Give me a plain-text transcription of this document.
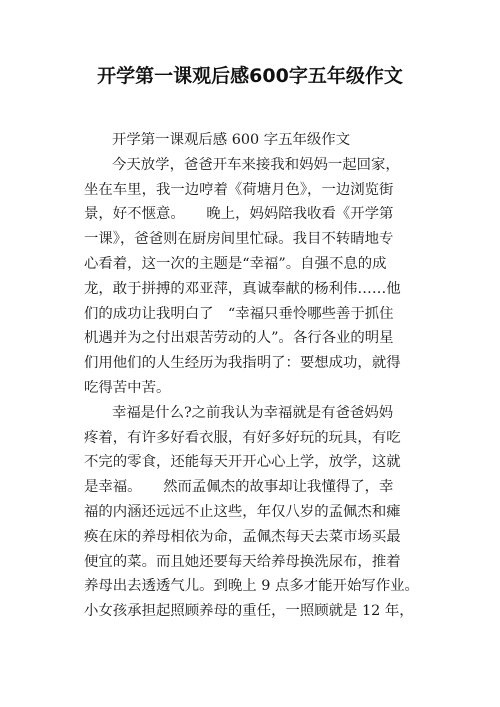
开学第一课观后感600字五年级作文
开学第一课观后感 600 字五年级作文
今天放学，爸爸开车来接我和妈妈一起回家，
坐在车里，我一边哼着《荷塘月色》，一边浏览街
景，好不惬意。　　晚上，妈妈陪我收看《开学第
一课》，爸爸则在厨房间里忙碌。我目不转睛地专
心看着，这一次的主题是“幸福”。自强不息的成
龙，敢于拼搏的邓亚萍，真诚奉献的杨利伟……他
们的成功让我明白了　“幸福只垂怜哪些善于抓住
机遇并为之付出艰苦劳动的人”。各行各业的明星
们用他们的人生经历为我指明了：要想成功，就得
吃得苦中苦。
幸福是什么?之前我认为幸福就是有爸爸妈妈
疼着，有许多好看衣服，有好多好玩的玩具，有吃
不完的零食，还能每天开开心心上学，放学，这就
是幸福。　　然而孟佩杰的故事却让我懂得了，幸
福的内涵还远远不止这些，年仅八岁的孟佩杰和瘫
痪在床的养母相依为命，孟佩杰每天去菜市场买最
便宜的菜。而且她还要每天给养母换洗尿布，推着
养母出去透透气儿。到晚上 9 点多才能开始写作业。
小女孩承担起照顾养母的重任，一照顾就是 12 年，
